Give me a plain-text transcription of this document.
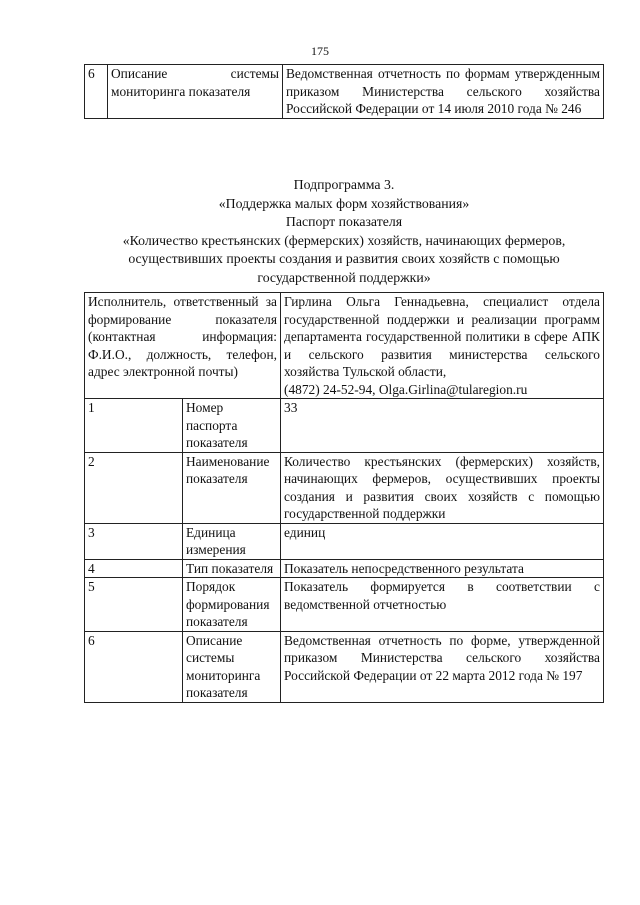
175
6	Описание системы мониторинга показателя	Ведомственная отчетность по формам утвержденным приказом Министерства сельского хозяйства Российской Федерации от 14 июля 2010 года № 246
Подпрограмма 3.
«Поддержка малых форм хозяйствования»
Паспорт показателя
«Количество крестьянских (фермерских) хозяйств, начинающих фермеров,
осуществивших проекты создания и развития своих хозяйств с помощью
государственной поддержки»
Исполнитель, ответственный за формирование показателя (контактная информация: Ф.И.О., должность, телефон, адрес электронной почты)		Гирлина Ольга Геннадьевна, специалист отдела государственной поддержки и реализации программ департамента государственной политики в сфере АПК и сельского развития министерства сельского хозяйства Тульской области,
(4872) 24-52-94, Olga.Girlina@tularegion.ru

1	Номер паспорта показателя	33
2	Наименование показателя	Количество крестьянских (фермерских) хозяйств, начинающих фермеров, осуществивших проекты создания и развития своих хозяйств с помощью государственной поддержки
3	Единица измерения	единиц
4	Тип показателя	Показатель непосредственного результата
5	Порядок формирования показателя	Показатель формируется в соответствии с ведомственной отчетностью
6	Описание системы мониторинга показателя	Ведомственная отчетность по форме, утвержденной приказом Министерства сельского хозяйства Российской Федерации от 22 марта 2012 года № 197
